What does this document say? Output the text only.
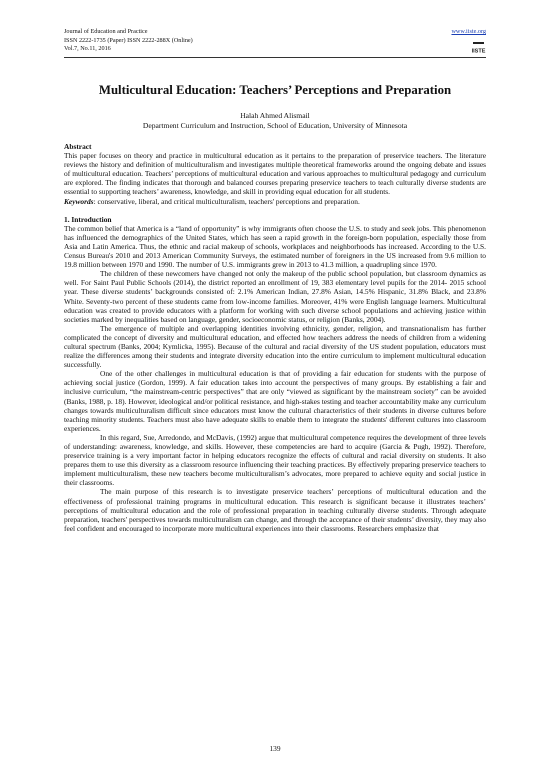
Journal of Education and Practice
ISSN 2222-1735 (Paper) ISSN 2222-288X (Online)
Vol.7, No.11, 2016
www.iiste.org
IISTE
Multicultural Education: Teachers’ Perceptions and Preparation
Halah Ahmed Alismail
Department Curriculum and Instruction, School of Education, University of Minnesota

Abstract

This paper focuses on theory and practice in multicultural education as it pertains to the preparation of preservice teachers. The literature reviews the history and definition of multiculturalism and investigates multiple theoretical frameworks around the ongoing debate and issues of multicultural education. Teachers’ perceptions of multicultural education and various approaches to multicultural pedagogy and curriculum are explored. The finding indicates that thorough and balanced courses preparing preservice teachers to teach culturally diverse students are essential to supporting teachers’ awareness, knowledge, and skill in providing equal education for all students.

Keywords: conservative, liberal, and critical multiculturalism, teachers' perceptions and preparation.

1. Introduction

The common belief that America is a “land of opportunity” is why immigrants often choose the U.S. to study and seek jobs. This phenomenon has influenced the demographics of the United States, which has seen a rapid growth in the foreign-born population, especially those from Asia and Latin America. Thus, the ethnic and racial makeup of schools, workplaces and neighborhoods has increased. According to the U.S. Census Bureau's 2010 and 2013 American Community Surveys, the estimated number of foreigners in the US increased from 9.6 million to 19.8 million between 1970 and 1990. The number of U.S. immigrants grew in 2013 to 41.3 million, a quadrupling since 1970.

The children of these newcomers have changed not only the makeup of the public school population, but classroom dynamics as well. For Saint Paul Public Schools (2014), the district reported an enrollment of 19, 383 elementary level pupils for the 2014- 2015 school year. These diverse students’ backgrounds consisted of: 2.1% American Indian, 27.8% Asian, 14.5% Hispanic, 31.8% Black, and 23.8% White. Seventy-two percent of these students came from low-income families. Moreover, 41% were English language learners. Multicultural education was created to provide educators with a platform for working with such diverse school populations and achieving justice within societies marked by inequalities based on language, gender, socioeconomic status, or religion (Banks, 2004).

The emergence of multiple and overlapping identities involving ethnicity, gender, religion, and transnationalism has further complicated the concept of diversity and multicultural education, and effected how teachers address the needs of children from a widening cultural spectrum (Banks, 2004; Kymlicka, 1995). Because of the cultural and racial diversity of the US student population, educators must realize the differences among their students and integrate diversity education into the entire curriculum to implement multicultural education successfully.

One of the other challenges in multicultural education is that of providing a fair education for students with the purpose of achieving social justice (Gordon, 1999). A fair education takes into account the perspectives of many groups. By establishing a fair and inclusive curriculum, “the mainstream-centric perspectives” that are only “viewed as significant by the mainstream society” can be avoided (Banks, 1988, p. 18). However, ideological and/or political resistance, and high-stakes testing and teacher accountability make any curriculum changes towards multiculturalism difficult since educators must know the cultural characteristics of their students in diverse cultures before teaching minority students. Teachers must also have adequate skills to enable them to integrate the students' different cultures into classroom experiences.

In this regard, Sue, Arredondo, and McDavis, (1992) argue that multicultural competence requires the development of three levels of understanding: awareness, knowledge, and skills. However, these competencies are hard to acquire (Garcia & Pugh, 1992). Therefore, preservice training is a very important factor in helping educators recognize the effects of cultural and racial diversity on students. It also prepares them to use this diversity as a classroom resource influencing their teaching practices. By effectively preparing preservice teachers to implement multiculturalism, these new teachers become multiculturalism’s advocates, more prepared to achieve equity and social justice in their classrooms.

The main purpose of this research is to investigate preservice teachers’ perceptions of multicultural education and the effectiveness of professional training programs in multicultural education. This research is significant because it illustrates teachers’ perceptions of multicultural education and the role of professional preparation in teaching culturally diverse students. Through adequate preparation, teachers' perspectives towards multiculturalism can change, and through the acceptance of their students’ diversity, they may also feel confident and encouraged to incorporate more multicultural experiences into their classrooms. Researchers emphasize that

139
